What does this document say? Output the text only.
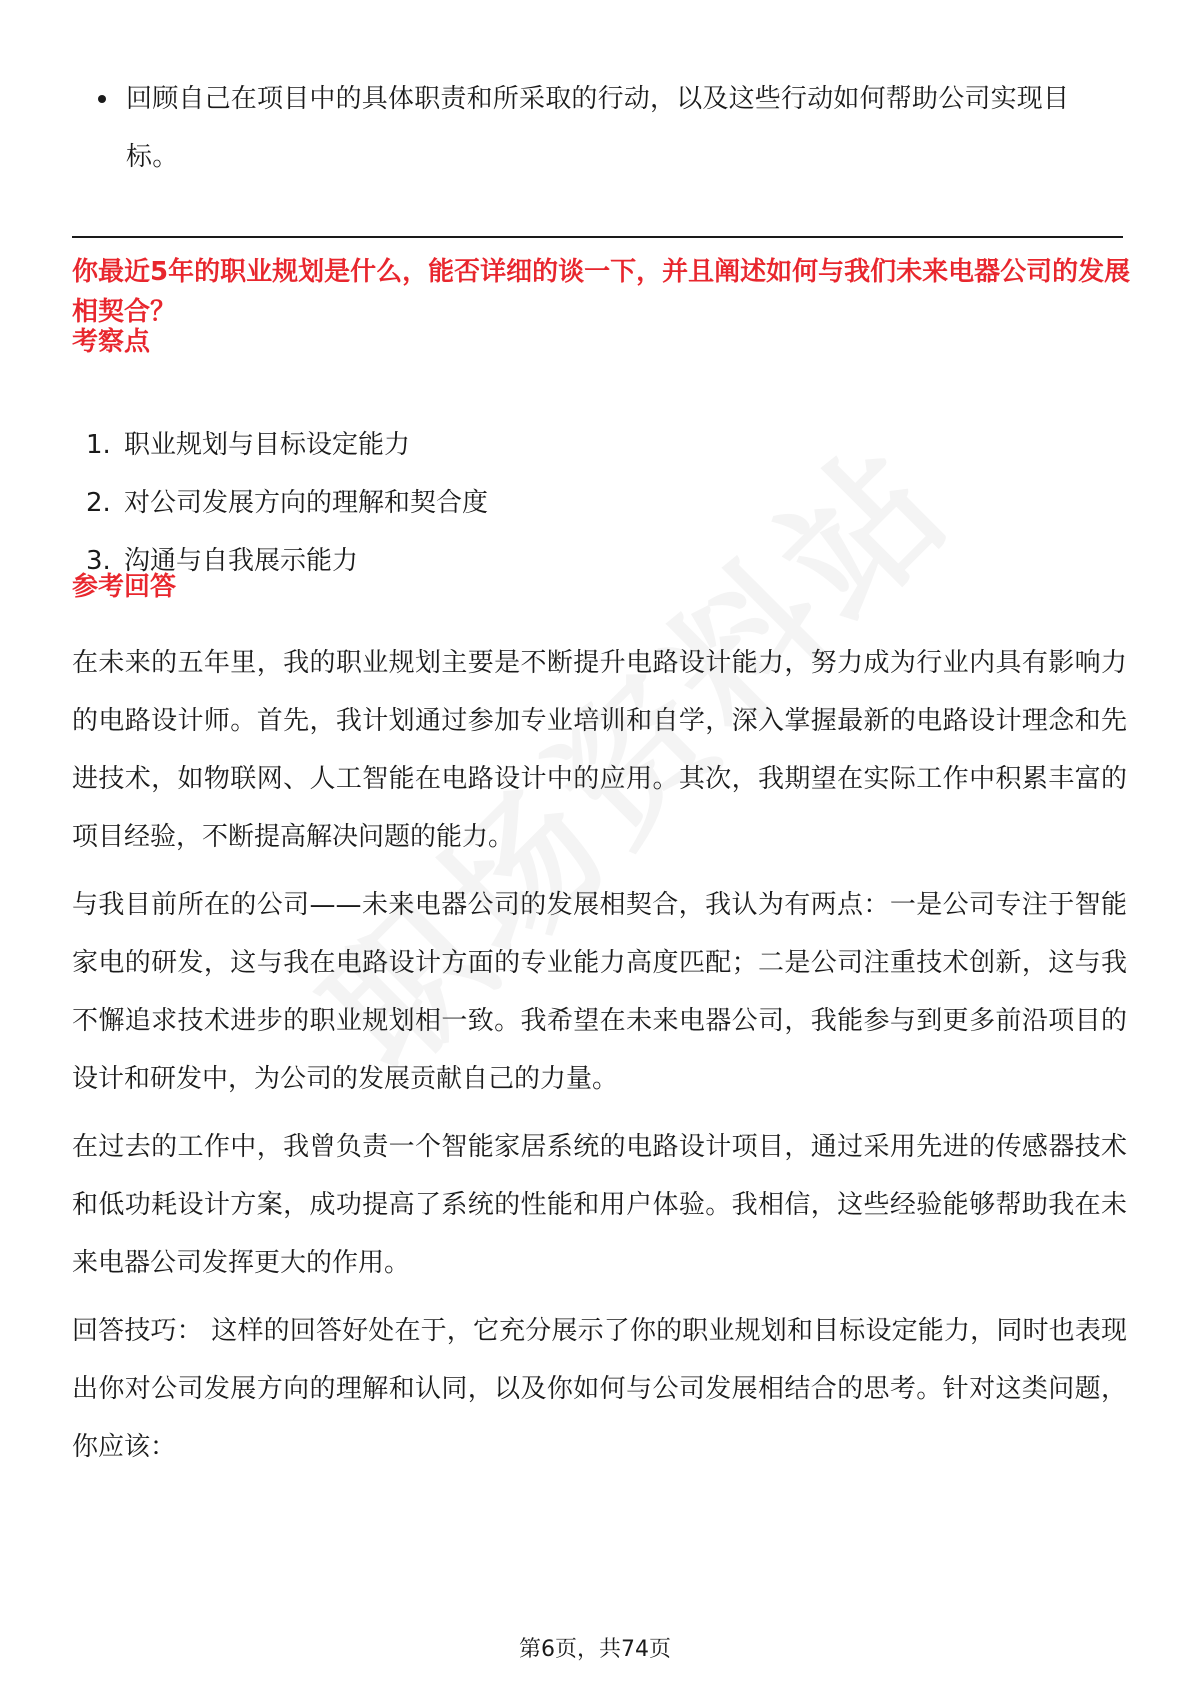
回顾自己在项目中的具体职责和所采取的行动，以及这些行动如何帮助公司实现目标。
你最近5年的职业规划是什么，能否详细的谈一下，并且阐述如何与我们未来电器公司的发展相契合？
考察点
1. 职业规划与目标设定能力
2. 对公司发展方向的理解和契合度
3. 沟通与自我展示能力
参考回答
在未来的五年里，我的职业规划主要是不断提升电路设计能力，努力成为行业内具有影响力的电路设计师。首先，我计划通过参加专业培训和自学，深入掌握最新的电路设计理念和先进技术，如物联网、人工智能在电路设计中的应用。其次，我期望在实际工作中积累丰富的项目经验，不断提高解决问题的能力。
与我目前所在的公司——未来电器公司的发展相契合，我认为有两点：一是公司专注于智能家电的研发，这与我在电路设计方面的专业能力高度匹配；二是公司注重技术创新，这与我不懈追求技术进步的职业规划相一致。我希望在未来电器公司，我能参与到更多前沿项目的设计和研发中，为公司的发展贡献自己的力量。
在过去的工作中，我曾负责一个智能家居系统的电路设计项目，通过采用先进的传感器技术和低功耗设计方案，成功提高了系统的性能和用户体验。我相信，这些经验能够帮助我在未来电器公司发挥更大的作用。
回答技巧： 这样的回答好处在于，它充分展示了你的职业规划和目标设定能力，同时也表现出你对公司发展方向的理解和认同，以及你如何与公司发展相结合的思考。针对这类问题，你应该：
第6页，共74页
